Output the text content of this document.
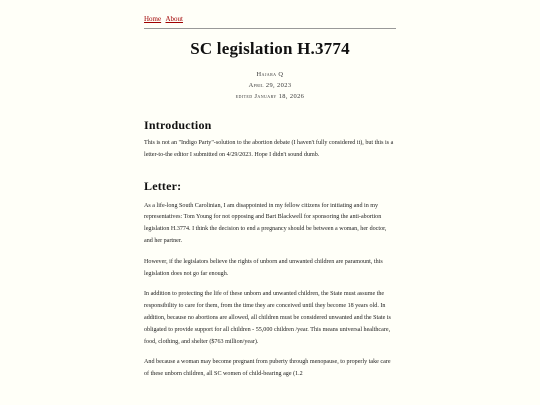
Home About
SC legislation H.3774
Hajara Q
April 29, 2023
edited January 18, 2026
Introduction

This is not an "Indigo Party"-solution to the abortion debate (I haven't fully considered it), but this is a letter-to-the editor I submitted on 4/29/2023. Hope I didn't sound dumb.

Letter:

As a life-long South Carolinian, I am disappointed in my fellow citizens for initiating and in my representatives: Tom Young for not opposing and Bart Blackwell for sponsoring the anti-abortion legislation H.3774. I think the decision to end a pregnancy should be between a woman, her doctor, and her partner.

However, if the legislators believe the rights of unborn and unwanted children are paramount, this legislation does not go far enough.

In addition to protecting the life of these unborn and unwanted children, the State must assume the responsibility to care for them, from the time they are conceived until they become 18 years old. In addition, because no abortions are allowed, all children must be considered unwanted and the State is obligated to provide support for all children - 55,000 children /year. This means universal healthcare, food, clothing, and shelter ($763 million/year).

And because a woman may become pregnant from puberty through menopause, to properly take care of these unborn children, all SC women of child-bearing age (1.2
